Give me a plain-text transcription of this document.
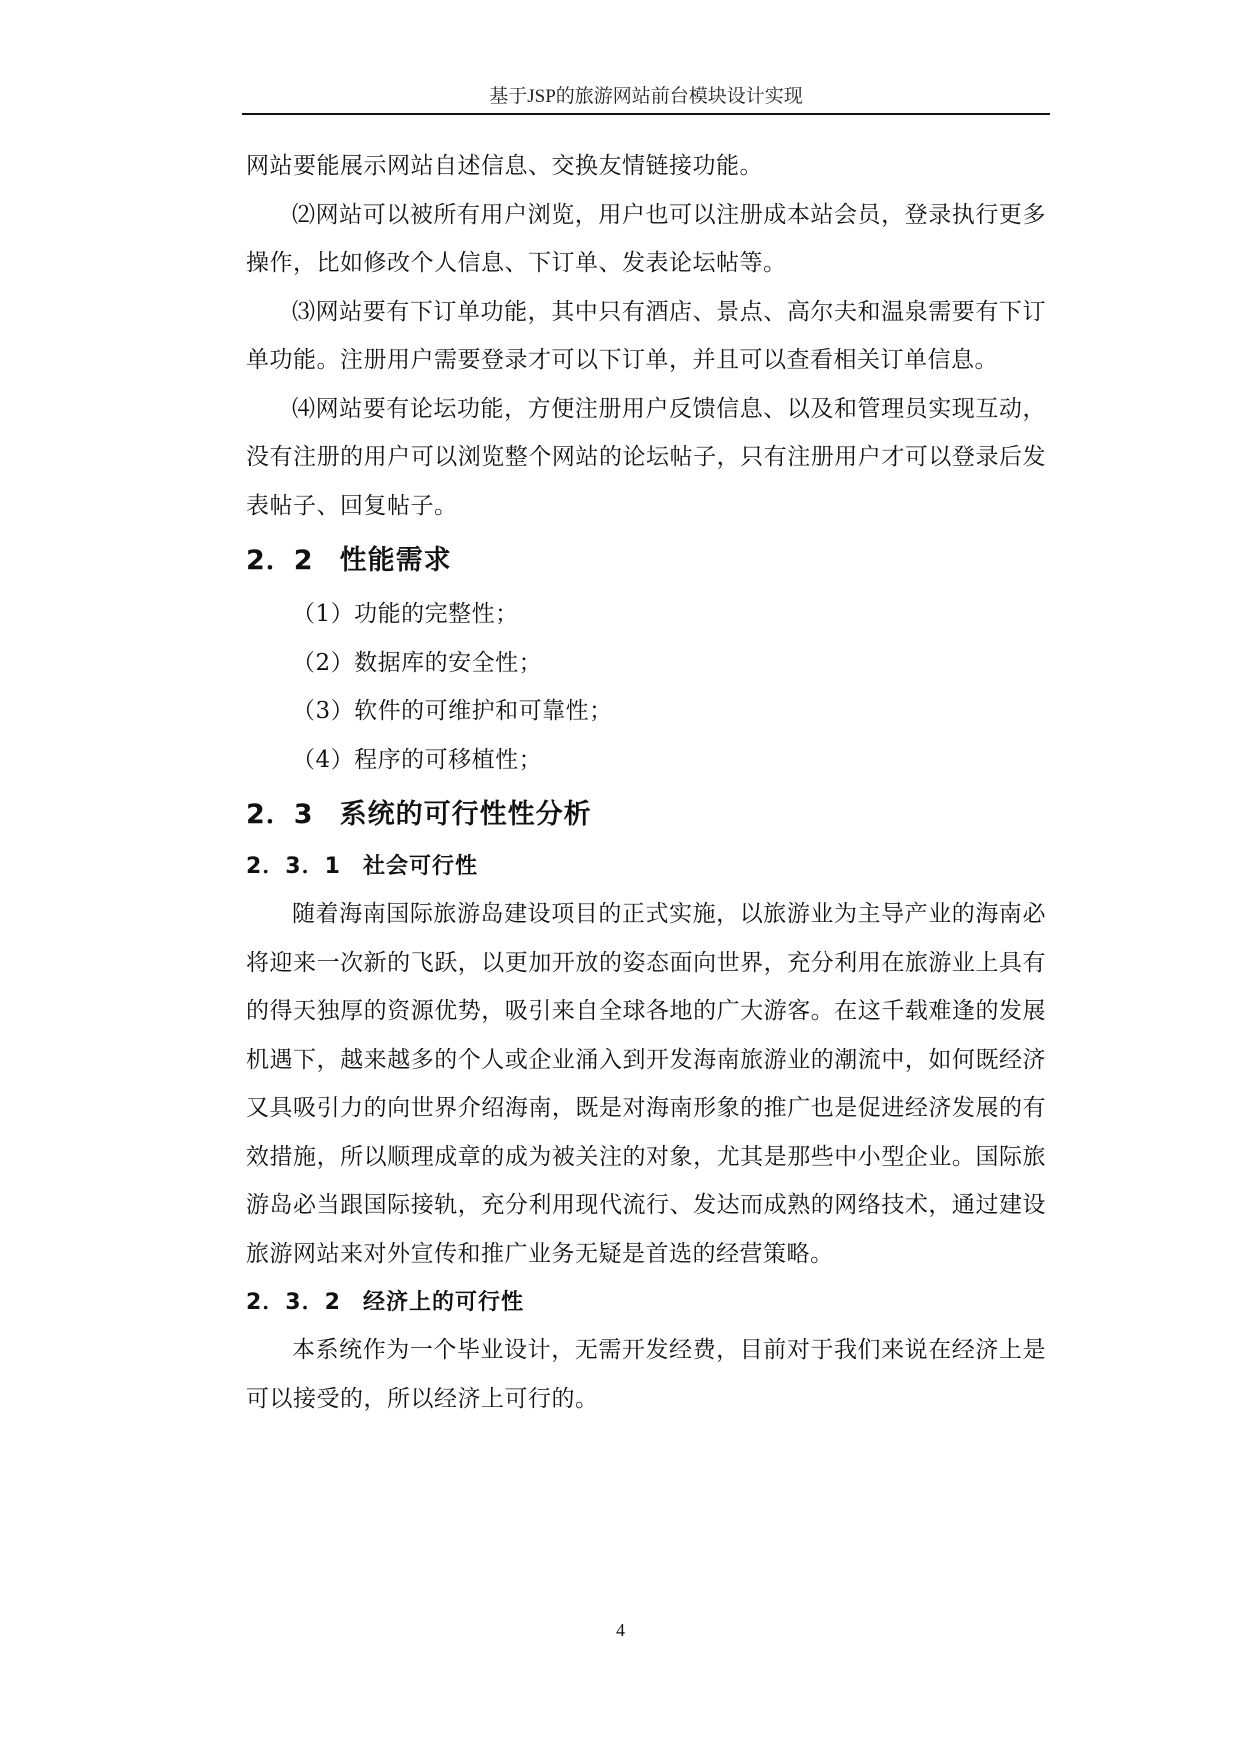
基于JSP的旅游网站前台模块设计实现

网站要能展示网站自述信息、交换友情链接功能。

⑵网站可以被所有用户浏览，用户也可以注册成本站会员，登录执行更多操作，比如修改个人信息、下订单、发表论坛帖等。

⑶网站要有下订单功能，其中只有酒店、景点、高尔夫和温泉需要有下订单功能。注册用户需要登录才可以下订单，并且可以查看相关订单信息。

⑷网站要有论坛功能，方便注册用户反馈信息、以及和管理员实现互动，没有注册的用户可以浏览整个网站的论坛帖子，只有注册用户才可以登录后发表帖子、回复帖子。

2．2 性能需求
（1）功能的完整性；
（2）数据库的安全性；
（3）软件的可维护和可靠性；
（4）程序的可移植性；
2．3 系统的可行性性分析
2．3．1 社会可行性

随着海南国际旅游岛建设项目的正式实施，以旅游业为主导产业的海南必将迎来一次新的飞跃，以更加开放的姿态面向世界，充分利用在旅游业上具有的得天独厚的资源优势，吸引来自全球各地的广大游客。在这千载难逢的发展机遇下，越来越多的个人或企业涌入到开发海南旅游业的潮流中，如何既经济又具吸引力的向世界介绍海南，既是对海南形象的推广也是促进经济发展的有效措施，所以顺理成章的成为被关注的对象，尤其是那些中小型企业。国际旅游岛必当跟国际接轨，充分利用现代流行、发达而成熟的网络技术，通过建设旅游网站来对外宣传和推广业务无疑是首选的经营策略。

2．3．2 经济上的可行性

本系统作为一个毕业设计，无需开发经费，目前对于我们来说在经济上是可以接受的，所以经济上可行的。

4
